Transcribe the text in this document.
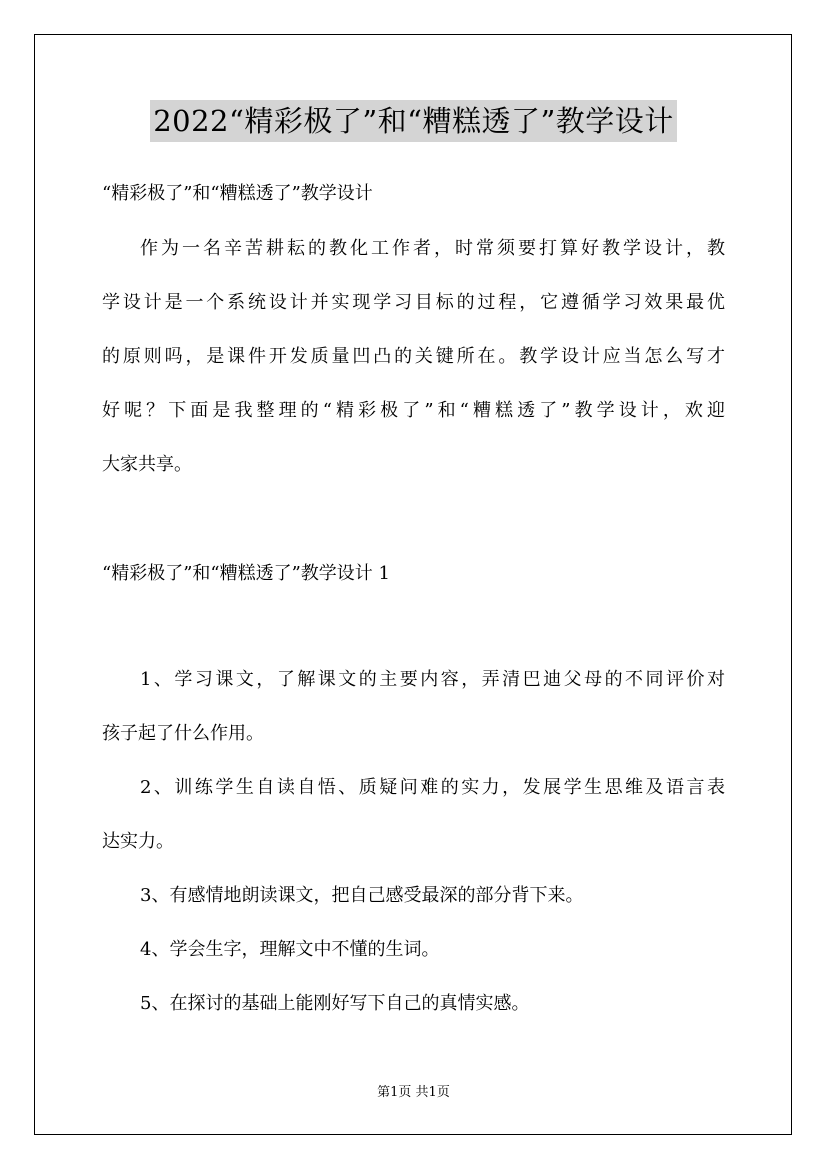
2022“精彩极了”和“糟糕透了”教学设计
“精彩极了”和“糟糕透了”教学设计
作为一名辛苦耕耘的教化工作者，时常须要打算好教学设计，教
学设计是一个系统设计并实现学习目标的过程，它遵循学习效果最优
的原则吗，是课件开发质量凹凸的关键所在。教学设计应当怎么写才
好呢？下面是我整理的“精彩极了”和“糟糕透了”教学设计，欢迎
大家共享。
“精彩极了”和“糟糕透了”教学设计 1
1、学习课文，了解课文的主要内容，弄清巴迪父母的不同评价对
孩子起了什么作用。
2、训练学生自读自悟、质疑问难的实力，发展学生思维及语言表
达实力。
3、有感情地朗读课文，把自己感受最深的部分背下来。
4、学会生字，理解文中不懂的生词。
5、在探讨的基础上能刚好写下自己的真情实感。
第1页 共1页
